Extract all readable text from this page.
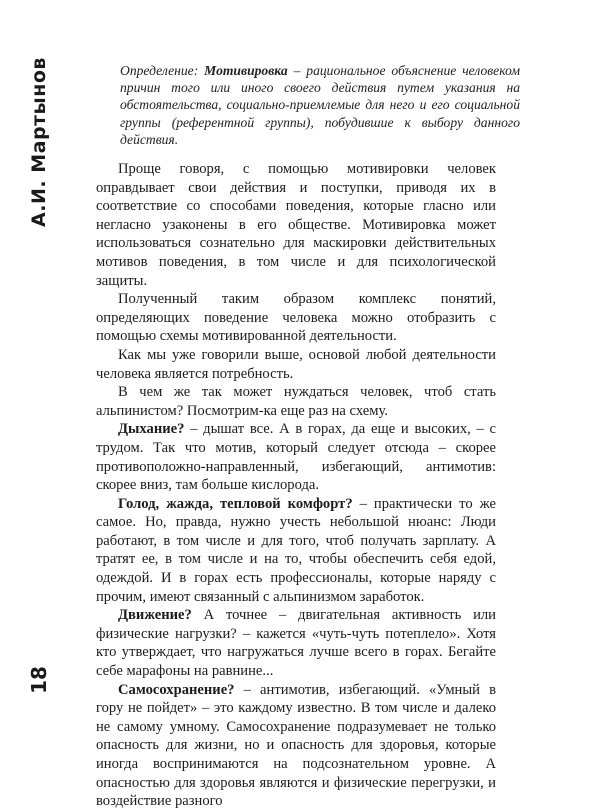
А.И. Мартынов
18
Определение: Мотивировка – рациональное объяснение человеком причин того или иного своего действия путем указания на обстоятельства, социально-приемлемые для него и его социальной группы (референтной группы), побудившие к выбору данного действия.

Проще говоря, с помощью мотивировки человек оправдывает свои действия и поступки, приводя их в соответствие со способами поведения, которые гласно или негласно узаконены в его обществе. Мотивировка может использоваться сознательно для маскировки действительных мотивов поведения, в том числе и для психологической защиты.

Полученный таким образом комплекс понятий, определяющих поведение человека можно отобразить с помощью схемы мотивированной деятельности.

Как мы уже говорили выше, основой любой деятельности человека является потребность.

В чем же так может нуждаться человек, чтоб стать альпинистом? Посмотрим-ка еще раз на схему.

Дыхание? – дышат все. А в горах, да еще и высоких, – с трудом. Так что мотив, который следует отсюда – скорее противоположно-направленный, избегающий, антимотив: скорее вниз, там больше кислорода.

Голод, жажда, тепловой комфорт? – практически то же самое. Но, правда, нужно учесть небольшой нюанс: Люди работают, в том числе и для того, чтоб получать зарплату. А тратят ее, в том числе и на то, чтобы обеспечить себя едой, одеждой. И в горах есть профессионалы, которые наряду с прочим, имеют связанный с альпинизмом заработок.

Движение? А точнее – двигательная активность или физические нагрузки? – кажется «чуть-чуть потеплело». Хотя кто утверждает, что нагружаться лучше всего в горах. Бегайте себе марафоны на равнине...

Самосохранение? – антимотив, избегающий. «Умный в гору не пойдет» – это каждому известно. В том числе и далеко не самому умному. Самосохранение подразумевает не только опасность для жизни, но и опасность для здоровья, которые иногда воспринимаются на подсознательном уровне. А опасностью для здоровья являются и физические перегрузки, и воздействие разного
